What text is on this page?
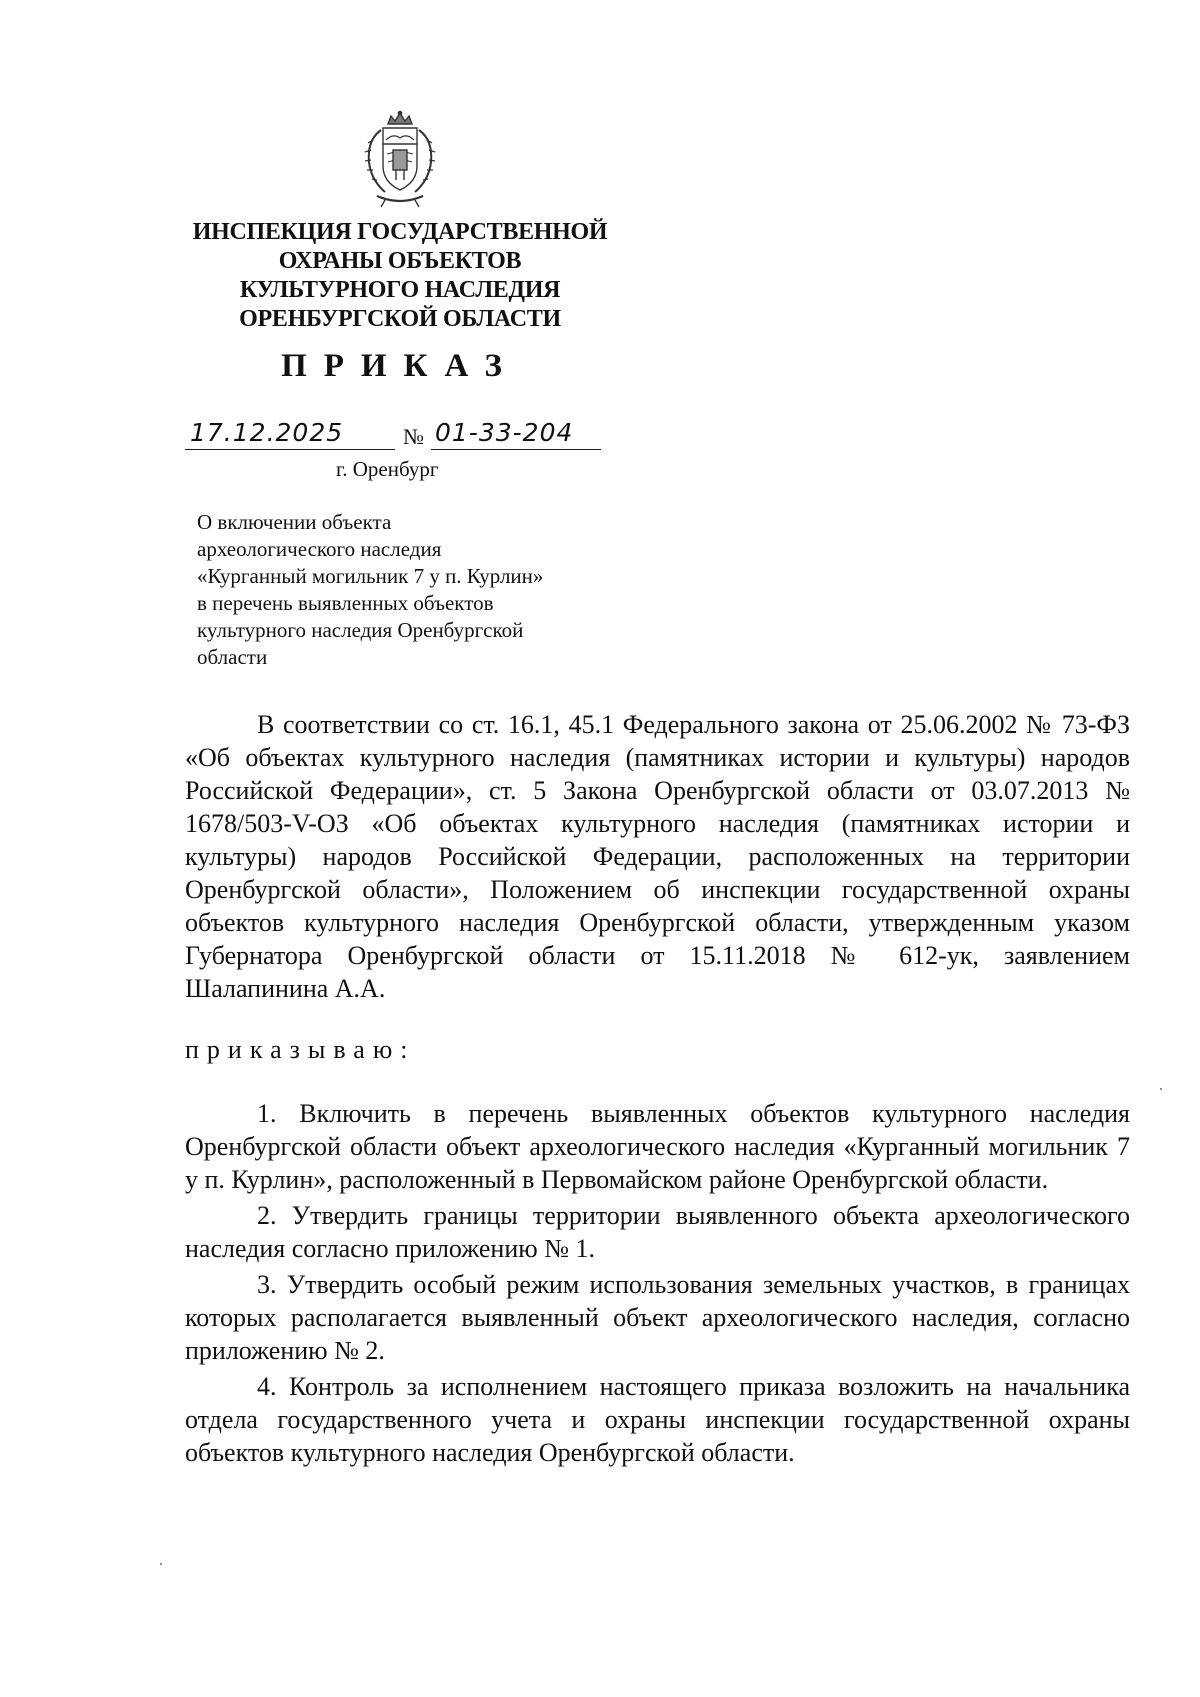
ИНСПЕКЦИЯ ГОСУДАРСТВЕННОЙ
ОХРАНЫ ОБЪЕКТОВ
КУЛЬТУРНОГО НАСЛЕДИЯ
ОРЕНБУРГСКОЙ ОБЛАСТИ
ПРИКАЗ
17.12.2025	№ 01-33-204
г. Оренбург
О включении объекта
археологического наследия
«Курганный могильник 7 у п. Курлин»
в перечень выявленных объектов
культурного наследия Оренбургской
области

В соответствии со ст. 16.1, 45.1 Федерального закона от 25.06.2002 № 73-ФЗ «Об объектах культурного наследия (памятниках истории и культуры) народов Российской Федерации», ст. 5 Закона Оренбургской области от 03.07.2013 № 1678/503-V-ОЗ «Об объектах культурного наследия (памятниках истории и культуры) народов Российской Федерации, расположенных на территории Оренбургской области», Положением об инспекции государственной охраны объектов культурного наследия Оренбургской области, утвержденным указом Губернатора Оренбургской области от 15.11.2018 № 612-ук, заявлением Шалапинина А.А.

приказываю:

1. Включить в перечень выявленных объектов культурного наследия Оренбургской области объект археологического наследия «Курганный могильник 7 у п. Курлин», расположенный в Первомайском районе Оренбургской области.

2. Утвердить границы территории выявленного объекта археологического наследия согласно приложению № 1.

3. Утвердить особый режим использования земельных участков, в границах которых располагается выявленный объект археологического наследия, согласно приложению № 2.

4. Контроль за исполнением настоящего приказа возложить на начальника отдела государственного учета и охраны инспекции государственной охраны объектов культурного наследия Оренбургской области.
